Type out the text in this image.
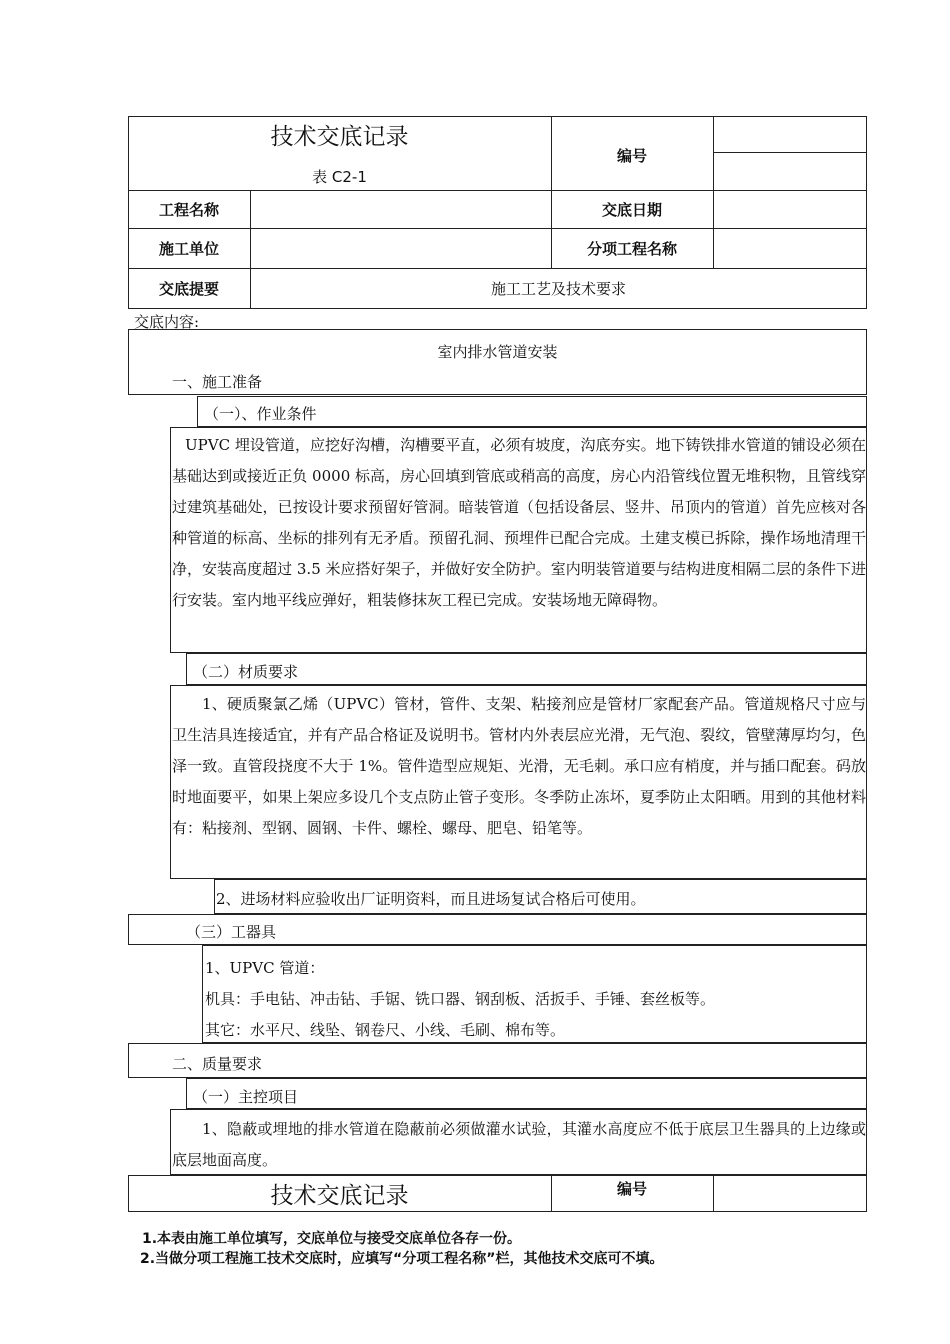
技术交底记录
表 C2-1
编号
工程名称	交底日期
施工单位	分项工程名称
交底提要	施工工艺及技术要求
交底内容:
室内排水管道安装
一、施工准备
（一）、作业条件
UPVC 埋设管道，应挖好沟槽，沟槽要平直，必须有坡度，沟底夯实。地下铸铁排水管道的铺设必须在基础达到或接近正负 0000 标高，房心回填到管底或稍高的高度，房心内沿管线位置无堆积物，且管线穿过建筑基础处，已按设计要求预留好管洞。暗装管道（包括设备层、竖井、吊顶内的管道）首先应核对各种管道的标高、坐标的排列有无矛盾。预留孔洞、预埋件已配合完成。土建支模已拆除，操作场地清理干净，安装高度超过 3.5 米应搭好架子，并做好安全防护。室内明装管道要与结构进度相隔二层的条件下进行安装。室内地平线应弹好，粗装修抹灰工程已完成。安装场地无障碍物。
（二）材质要求
1、硬质聚氯乙烯（UPVC）管材，管件、支架、粘接剂应是管材厂家配套产品。管道规格尺寸应与卫生洁具连接适宜，并有产品合格证及说明书。管材内外表层应光滑，无气泡、裂纹，管壁薄厚均匀，色泽一致。直管段挠度不大于 1%。管件造型应规矩、光滑，无毛刺。承口应有梢度，并与插口配套。码放时地面要平，如果上架应多设几个支点防止管子变形。冬季防止冻坏，夏季防止太阳晒。用到的其他材料有：粘接剂、型钢、圆钢、卡件、螺栓、螺母、肥皂、铅笔等。
2、进场材料应验收出厂证明资料，而且进场复试合格后可使用。
（三）工器具
1、UPVC 管道：
机具：手电钻、冲击钻、手锯、铣口器、钢刮板、活扳手、手锤、套丝板等。
其它：水平尺、线坠、钢卷尺、小线、毛刷、棉布等。
二、质量要求
（一）主控项目
1、隐蔽或埋地的排水管道在隐蔽前必须做灌水试验，其灌水高度应不低于底层卫生器具的上边缘或底层地面高度。
技术交底记录	编号
1.本表由施工单位填写，交底单位与接受交底单位各存一份。
2.当做分项工程施工技术交底时，应填写“分项工程名称”栏，其他技术交底可不填。
